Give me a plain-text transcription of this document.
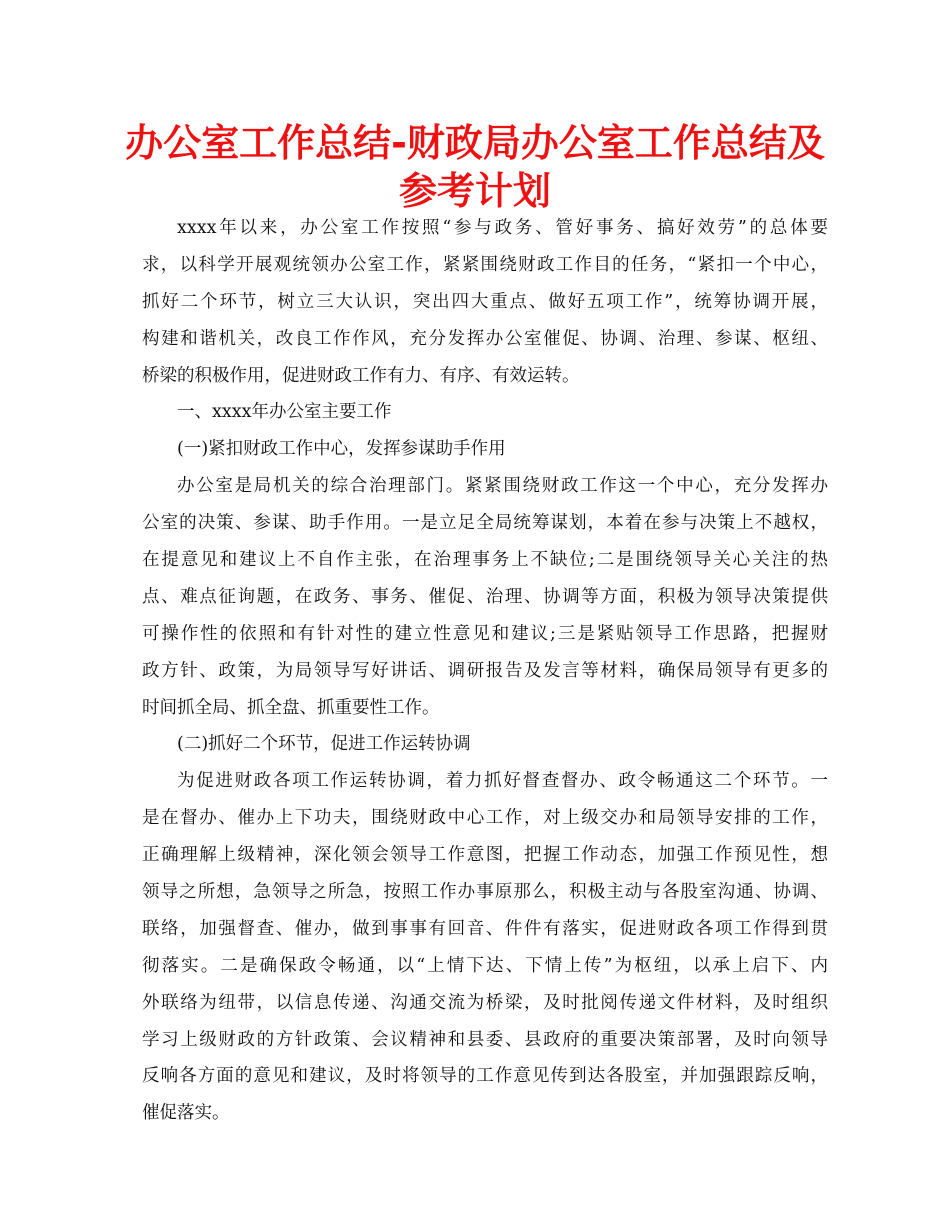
办公室工作总结-财政局办公室工作总结及
参考计划
xxxx年以来，办公室工作按照“参与政务、管好事务、搞好效劳”的总体要
求，以科学开展观统领办公室工作，紧紧围绕财政工作目的任务，“紧扣一个中心，
抓好二个环节，树立三大认识，突出四大重点、做好五项工作”，统筹协调开展，
构建和谐机关，改良工作作风，充分发挥办公室催促、协调、治理、参谋、枢纽、
桥梁的积极作用，促进财政工作有力、有序、有效运转。
一、xxxx年办公室主要工作
(一)紧扣财政工作中心，发挥参谋助手作用
办公室是局机关的综合治理部门。紧紧围绕财政工作这一个中心，充分发挥办
公室的决策、参谋、助手作用。一是立足全局统筹谋划，本着在参与决策上不越权，
在提意见和建议上不自作主张，在治理事务上不缺位;二是围绕领导关心关注的热
点、难点征询题，在政务、事务、催促、治理、协调等方面，积极为领导决策提供
可操作性的依照和有针对性的建立性意见和建议;三是紧贴领导工作思路，把握财
政方针、政策，为局领导写好讲话、调研报告及发言等材料，确保局领导有更多的
时间抓全局、抓全盘、抓重要性工作。
(二)抓好二个环节，促进工作运转协调
为促进财政各项工作运转协调，着力抓好督查督办、政令畅通这二个环节。一
是在督办、催办上下功夫，围绕财政中心工作，对上级交办和局领导安排的工作，
正确理解上级精神，深化领会领导工作意图，把握工作动态，加强工作预见性，想
领导之所想，急领导之所急，按照工作办事原那么，积极主动与各股室沟通、协调、
联络，加强督查、催办，做到事事有回音、件件有落实，促进财政各项工作得到贯
彻落实。二是确保政令畅通，以“上情下达、下情上传”为枢纽，以承上启下、内
外联络为纽带，以信息传递、沟通交流为桥梁，及时批阅传递文件材料，及时组织
学习上级财政的方针政策、会议精神和县委、县政府的重要决策部署，及时向领导
反响各方面的意见和建议，及时将领导的工作意见传到达各股室，并加强跟踪反响，
催促落实。
